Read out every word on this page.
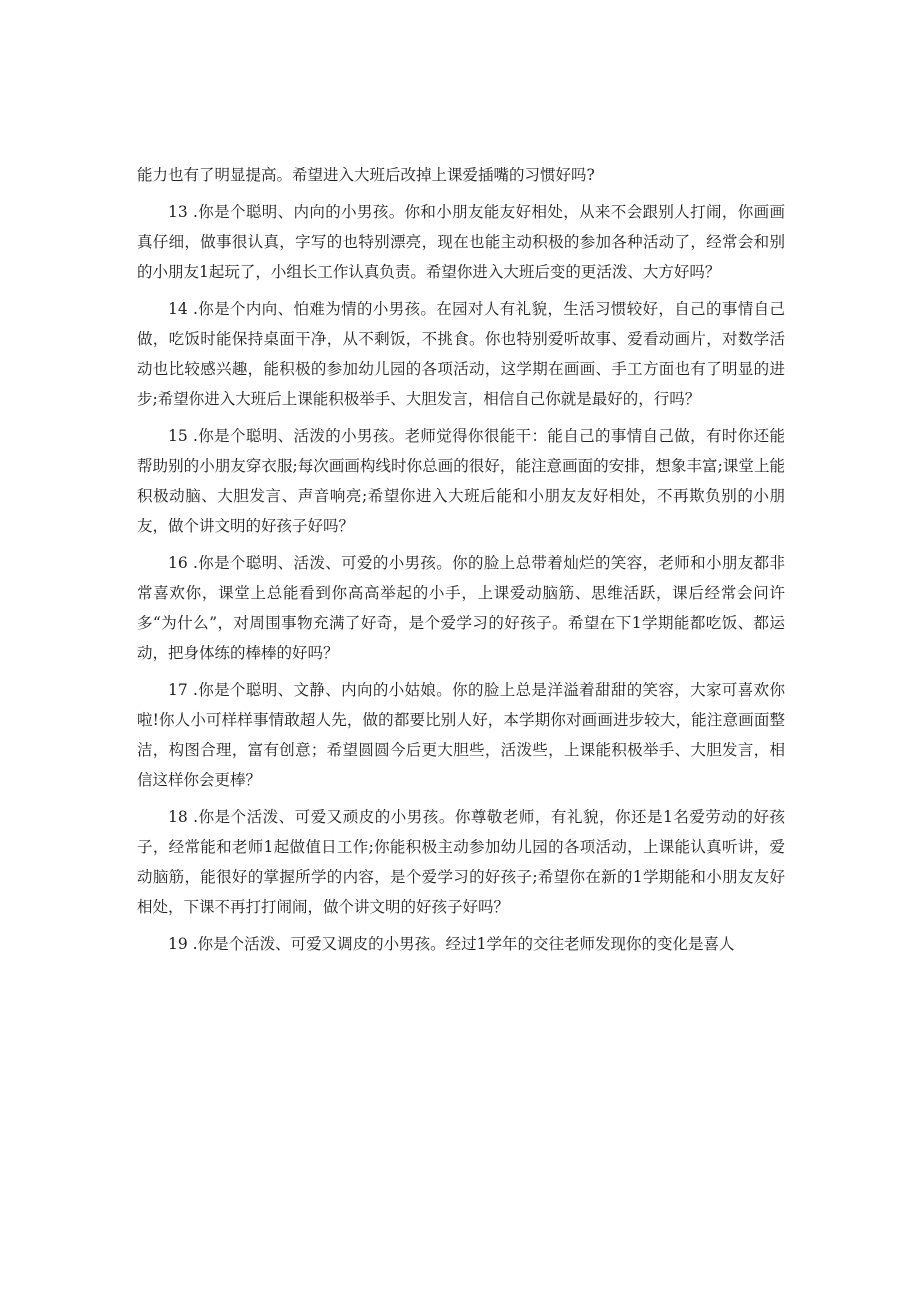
能力也有了明显提高。希望进入大班后改掉上课爱插嘴的习惯好吗?

13 .你是个聪明、内向的小男孩。你和小朋友能友好相处，从来不会跟别人打闹，你画画真仔细，做事很认真，字写的也特别漂亮，现在也能主动积极的参加各种活动了，经常会和别的小朋友1起玩了，小组长工作认真负责。希望你进入大班后变的更活泼、大方好吗？

14 .你是个内向、怕难为情的小男孩。在园对人有礼貌，生活习惯较好，自己的事情自己做，吃饭时能保持桌面干净，从不剩饭，不挑食。你也特别爱听故事、爱看动画片，对数学活动也比较感兴趣，能积极的参加幼儿园的各项活动，这学期在画画、手工方面也有了明显的进步;希望你进入大班后上课能积极举手、大胆发言，相信自己你就是最好的，行吗？

15 .你是个聪明、活泼的小男孩。老师觉得你很能干：能自己的事情自己做，有时你还能帮助别的小朋友穿衣服;每次画画构线时你总画的很好，能注意画面的安排，想象丰富;课堂上能积极动脑、大胆发言、声音响亮;希望你进入大班后能和小朋友友好相处，不再欺负别的小朋友，做个讲文明的好孩子好吗？

16 .你是个聪明、活泼、可爱的小男孩。你的脸上总带着灿烂的笑容，老师和小朋友都非常喜欢你，课堂上总能看到你高高举起的小手，上课爱动脑筋、思维活跃，课后经常会问许多“为什么”，对周围事物充满了好奇，是个爱学习的好孩子。希望在下1学期能都吃饭、都运动，把身体练的棒棒的好吗？

17 .你是个聪明、文静、内向的小姑娘。你的脸上总是洋溢着甜甜的笑容，大家可喜欢你啦!你人小可样样事情敢超人先，做的都要比别人好，本学期你对画画进步较大，能注意画面整洁，构图合理，富有创意；希望圆圆今后更大胆些，活泼些，上课能积极举手、大胆发言，相信这样你会更棒？

18 .你是个活泼、可爱又顽皮的小男孩。你尊敬老师，有礼貌，你还是1名爱劳动的好孩子，经常能和老师1起做值日工作;你能积极主动参加幼儿园的各项活动，上课能认真听讲，爱动脑筋，能很好的掌握所学的内容，是个爱学习的好孩子;希望你在新的1学期能和小朋友友好相处，下课不再打打闹闹，做个讲文明的好孩子好吗？

19 .你是个活泼、可爱又调皮的小男孩。经过1学年的交往老师发现你的变化是喜人
